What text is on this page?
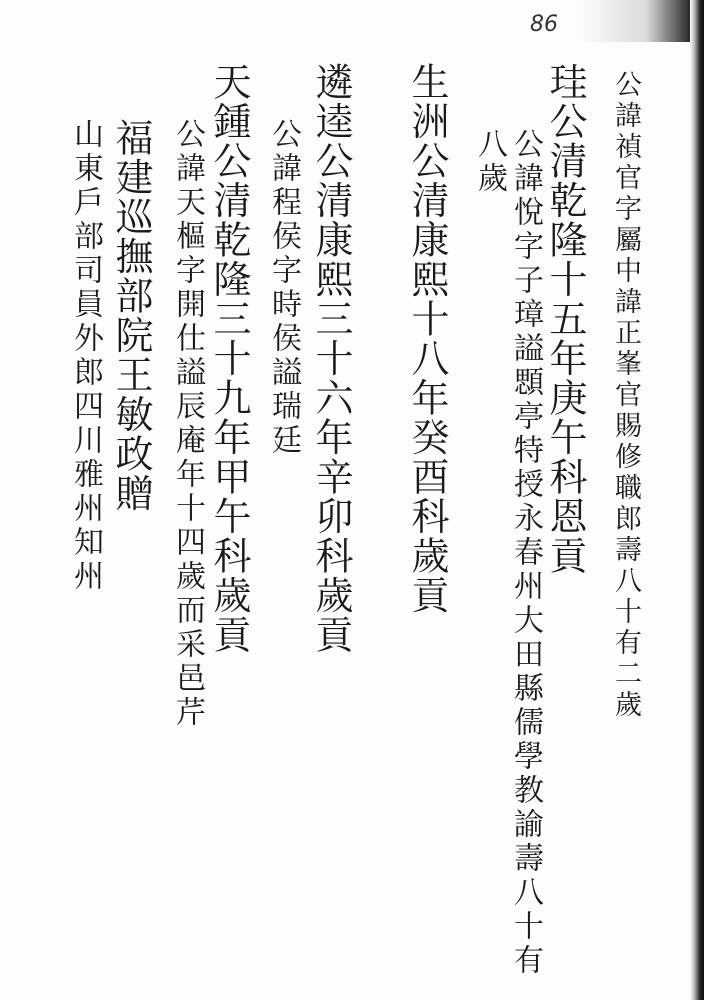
86
公諱禎官字屬中諱正峯官賜修職郎壽八十有二歲
珪公清乾隆十五年庚午科恩貢
公諱悅字子璋謚顋亭特授永春州大田縣儒學教諭壽八十有
八歲
生洲公清康熙十八年癸酉科歲貢
遴逵公清康熙三十六年辛卯科歲貢
公諱程侯字時侯謚瑞廷
天鍾公清乾隆三十九年甲午科歲貢
公諱天樞字開仕謚辰庵年十四歲而采邑芹
福建巡撫部院王敏政贈
山東戶部司員外郎四川雅州知州
